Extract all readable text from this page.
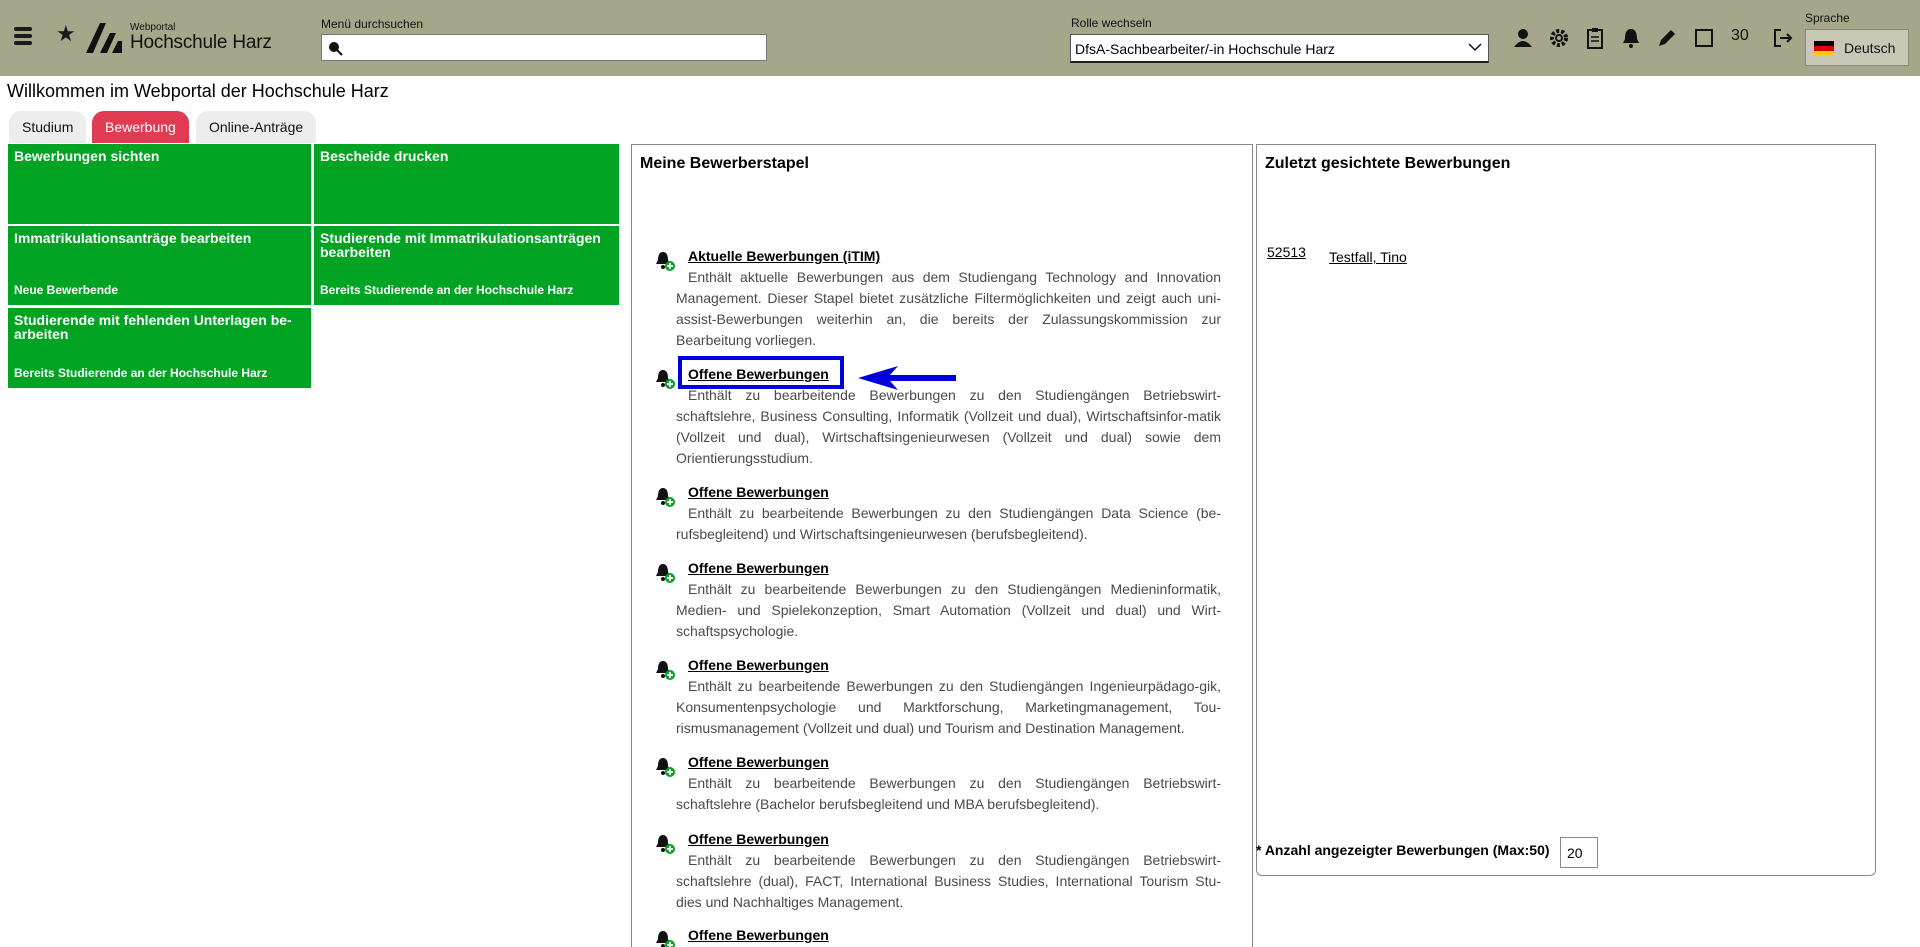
★	Webportal
Hochschule Harz
Menü durchsuchen	Rolle wechseln
DfsA-Sachbearbeiter/-in Hochschule Harz
30
Sprache
Deutsch
Willkommen im Webportal der Hochschule Harz
Studium	Bewerbung	Online-Anträge
Bewerbungen sichten	Bescheide drucken
Immatrikulationsanträge bearbeiten
Neue Bewerbende
Studierende mit Immatrikulationsanträgen bearbeiten
Bereits Studierende an der Hochschule Harz
Studierende mit fehlenden Unterlagen be-arbeiten
Bereits Studierende an der Hochschule Harz
Meine Bewerberstapel
Aktuelle Bewerbungen (iTIM)
Enthält aktuelle Bewerbungen aus dem Studiengang Technology and Innovation Management. Dieser Stapel bietet zusätzliche Filtermöglichkeiten und zeigt auch uni-assist-Bewerbungen weiterhin an, die bereits der Zulassungskommission zur Bearbeitung vorliegen.
Offene Bewerbungen
Enthält zu bearbeitende Bewerbungen zu den Studiengängen Betriebswirt-schaftslehre, Business Consulting, Informatik (Vollzeit und dual), Wirtschaftsinfor-matik (Vollzeit und dual), Wirtschaftsingenieurwesen (Vollzeit und dual) sowie dem Orientierungsstudium.
Offene Bewerbungen
Enthält zu bearbeitende Bewerbungen zu den Studiengängen Data Science (be-rufsbegleitend) und Wirtschaftsingenieurwesen (berufsbegleitend).
Offene Bewerbungen
Enthält zu bearbeitende Bewerbungen zu den Studiengängen Medieninformatik, Medien- und Spielekonzeption, Smart Automation (Vollzeit und dual) und Wirt-schaftspsychologie.
Offene Bewerbungen
Enthält zu bearbeitende Bewerbungen zu den Studiengängen Ingenieurpädago-gik, Konsumentenpsychologie und Marktforschung, Marketingmanagement, Tou-rismusmanagement (Vollzeit und dual) und Tourism and Destination Management.
Offene Bewerbungen
Enthält zu bearbeitende Bewerbungen zu den Studiengängen Betriebswirt-schaftslehre (Bachelor berufsbegleitend und MBA berufsbegleitend).
Offene Bewerbungen
Enthält zu bearbeitende Bewerbungen zu den Studiengängen Betriebswirt-schaftslehre (dual), FACT, International Business Studies, International Tourism Stu-dies und Nachhaltiges Management.
Offene Bewerbungen
Zuletzt gesichtete Bewerbungen
52513 Testfall, Tino
* Anzahl angezeigter Bewerbungen (Max:50)
20
